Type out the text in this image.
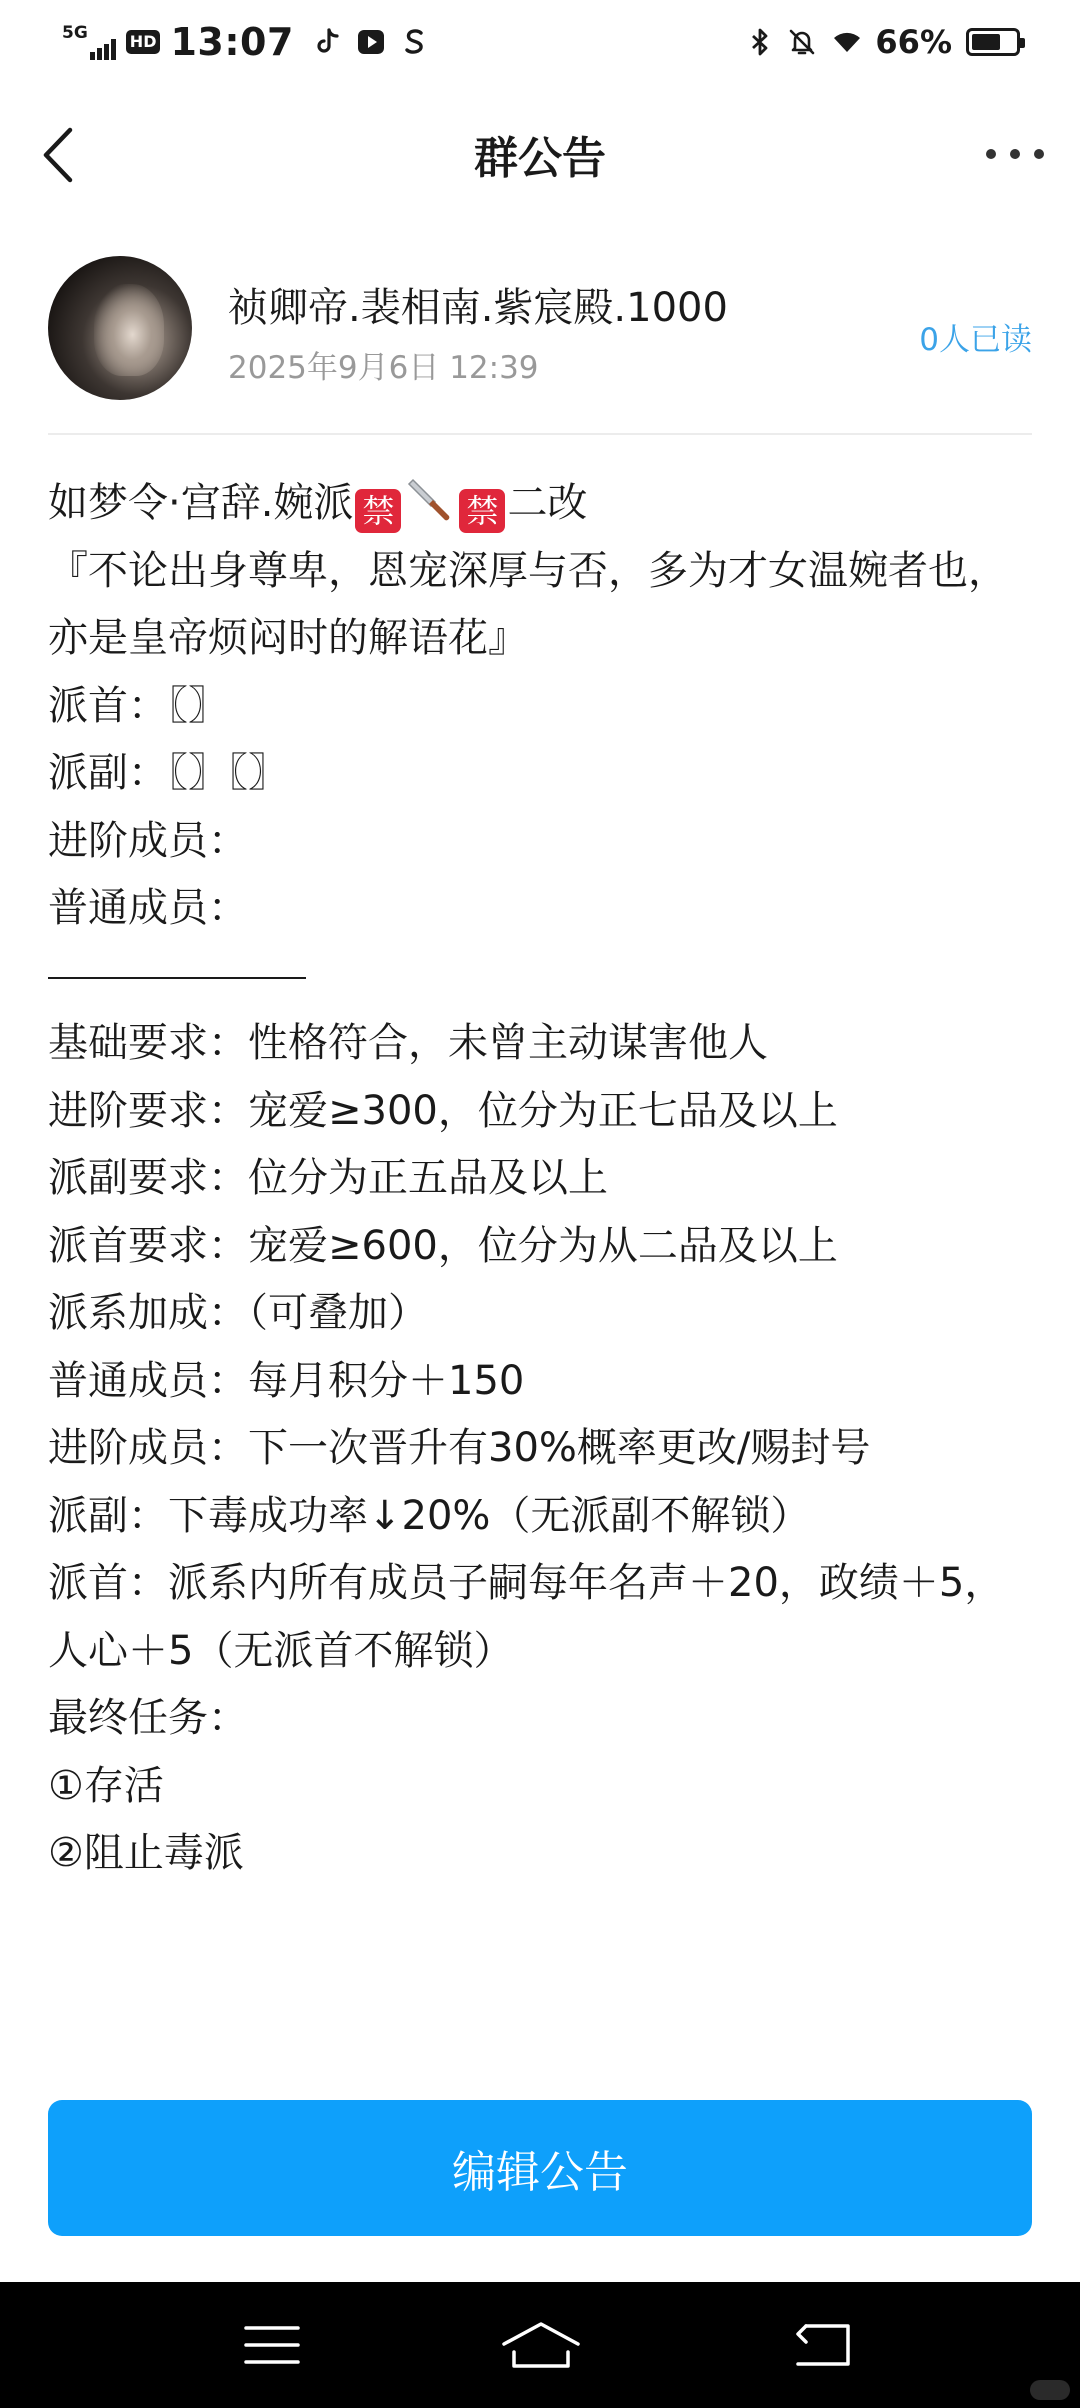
5G	HD 13:07	66%
群公告
祯卿帝.裴相南.紫宸殿.1000
2025年9月6日 12:39
0人已读
如梦令·宫辞.婉派 禁 禁 二改
『不论出身尊卑，恩宠深厚与否，多为才女温婉者也，亦是皇帝烦闷时的解语花』
派首：〖〗
派副：〖〗〖〗
进阶成员：
普通成员：
基础要求：性格符合，未曾主动谋害他人
进阶要求：宠爱≥300，位分为正七品及以上
派副要求：位分为正五品及以上
派首要求：宠爱≥600，位分为从二品及以上
派系加成：（可叠加）
普通成员：每月积分＋150
进阶成员：下一次晋升有30%概率更改/赐封号
派副：下毒成功率↓20%（无派副不解锁）
派首：派系内所有成员子嗣每年名声＋20，政绩＋5，人心＋5（无派首不解锁）
最终任务：
①存活
②阻止毒派
编辑公告
